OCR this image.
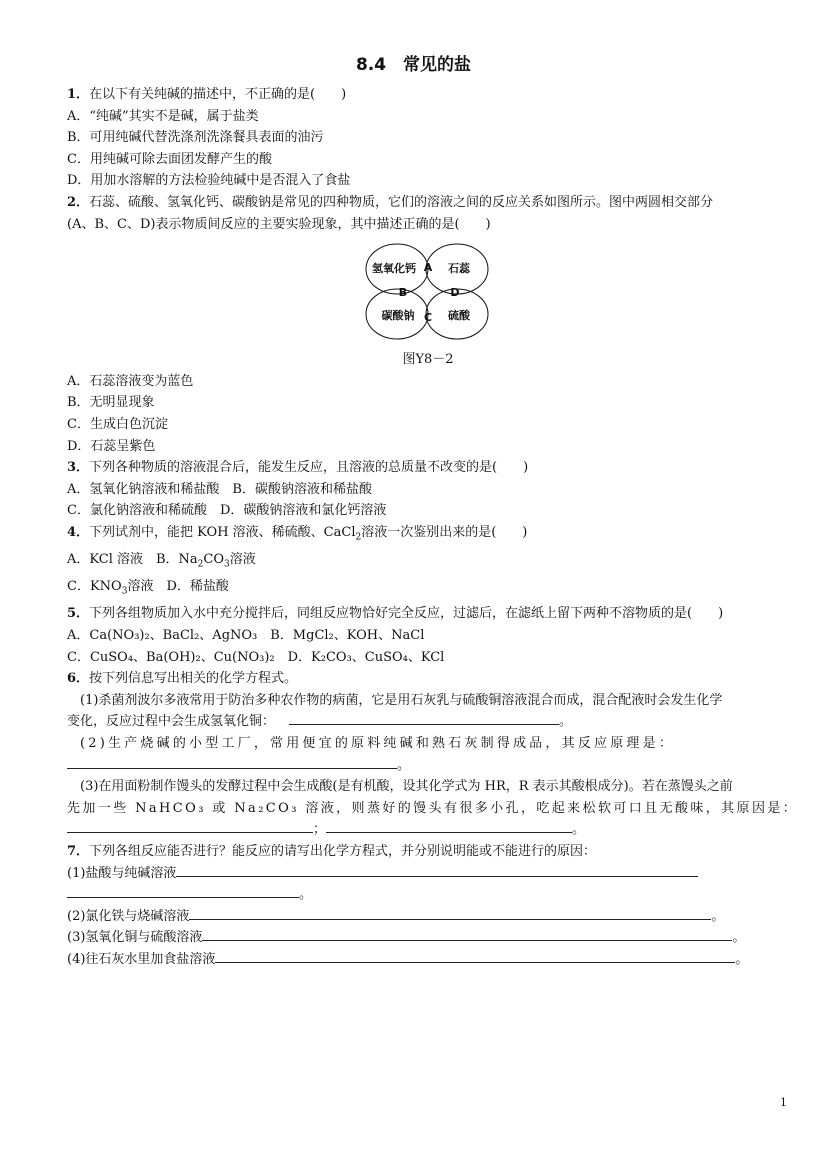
8.4　常见的盐
1．在以下有关纯碱的描述中，不正确的是(　　)
A．“纯碱”其实不是碱，属于盐类
B．可用纯碱代替洗涤剂洗涤餐具表面的油污
C．用纯碱可除去面团发酵产生的酸
D．用加水溶解的方法检验纯碱中是否混入了食盐
2．石蕊、硫酸、氢氧化钙、碳酸钠是常见的四种物质，它们的溶液之间的反应关系如图所示。图中两圆相交部分
(A、B、C、D)表示物质间反应的主要实验现象，其中描述正确的是(　　)
氢氧化钙	石蕊
碳酸钠	硫酸
A
B
C
D
图Y8－2
A．石蕊溶液变为蓝色
B．无明显现象
C．生成白色沉淀
D．石蕊呈紫色
3．下列各种物质的溶液混合后，能发生反应，且溶液的总质量不改变的是(　　)
A．氢氧化钠溶液和稀盐酸　B．碳酸钠溶液和稀盐酸
C．氯化钠溶液和稀硫酸　D．碳酸钠溶液和氯化钙溶液
4．下列试剂中，能把 KOH 溶液、稀硫酸、CaCl$_2$溶液一次鉴别出来的是(　　)
A．KCl 溶液　B．$Na_2CO_3$溶液
C．$KNO_3$溶液　D．稀盐酸
5．下列各组物质加入水中充分搅拌后，同组反应物恰好完全反应，过滤后，在滤纸上留下两种不溶物质的是(　　)
A．Ca(NO₃)₂、BaCl₂、AgNO₃　B．MgCl₂、KOH、NaCl
C．CuSO₄、Ba(OH)₂、Cu(NO₃)₂　D．K₂CO₃、CuSO₄、KCl
6．按下列信息写出相关的化学方程式。
(1)杀菌剂波尔多液常用于防治多种农作物的病菌，它是用石灰乳与硫酸铜溶液混合而成，混合配液时会发生化学
变化，反应过程中会生成氢氧化铜：	。
(2)生产烧碱的小型工厂，常用便宜的原料纯碱和熟石灰制得成品，其反应原理是：
。
(3)在用面粉制作馒头的发酵过程中会生成酸(是有机酸，设其化学式为 HR，R 表示其酸根成分)。若在蒸馒头之前
先加一些 NaHCO₃ 或 Na₂CO₃ 溶液，则蒸好的馒头有很多小孔，吃起来松软可口且无酸味，其原因是：
；	。
7．下列各组反应能否进行？能反应的请写出化学方程式，并分别说明能或不能进行的原因：
(1)盐酸与纯碱溶液
。
(2)氯化铁与烧碱溶液	。
(3)氢氧化铜与硫酸溶液	。
(4)往石灰水里加食盐溶液	。
1
